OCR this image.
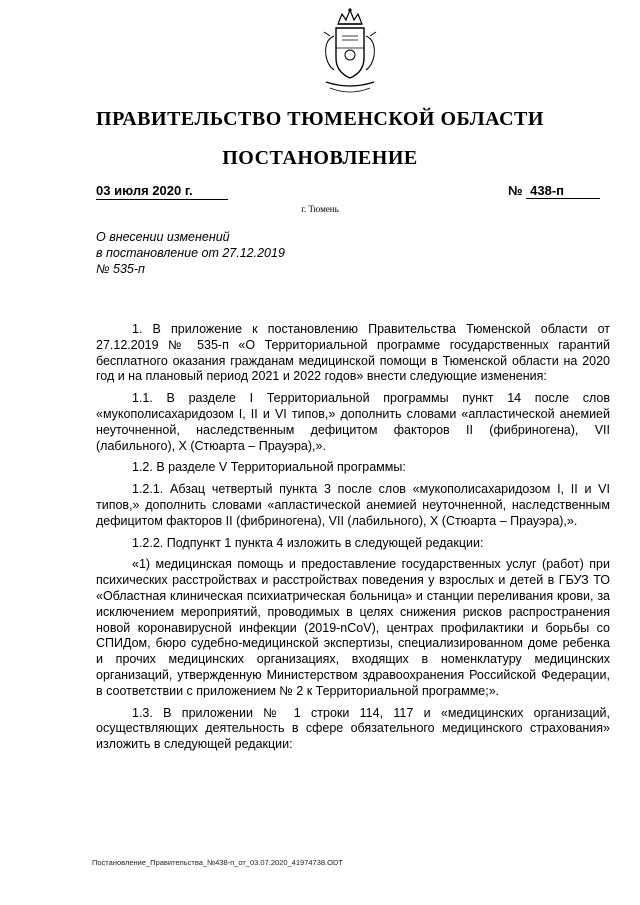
ПРАВИТЕЛЬСТВО ТЮМЕНСКОЙ ОБЛАСТИ
ПОСТАНОВЛЕНИЕ
03 июля 2020 г.	№ 438-п
г. Тюмень
О внесении изменений
в постановление от 27.12.2019
№ 535-п

1. В приложение к постановлению Правительства Тюменской области от 27.12.2019 № 535-п «О Территориальной программе государственных гарантий бесплатного оказания гражданам медицинской помощи в Тюменской области на 2020 год и на плановый период 2021 и 2022 годов» внести следующие изменения:

1.1. В разделе I Территориальной программы пункт 14 после слов «мукополисахаридозом I, II и VI типов,» дополнить словами «апластической анемией неуточненной, наследственным дефицитом факторов II (фибриногена), VII (лабильного), X (Стюарта – Прауэра),».

1.2. В разделе V Территориальной программы:

1.2.1. Абзац четвертый пункта 3 после слов «мукополисахаридозом I, II и VI типов,» дополнить словами «апластической анемией неуточненной, наследственным дефицитом факторов II (фибриногена), VII (лабильного), X (Стюарта – Прауэра),».

1.2.2. Подпункт 1 пункта 4 изложить в следующей редакции:

«1) медицинская помощь и предоставление государственных услуг (работ) при психических расстройствах и расстройствах поведения у взрослых и детей в ГБУЗ ТО «Областная клиническая психиатрическая больница» и станции переливания крови, за исключением мероприятий, проводимых в целях снижения рисков распространения новой коронавирусной инфекции (2019-nCoV), центрах профилактики и борьбы со СПИДом, бюро судебно-медицинской экспертизы, специализированном доме ребенка и прочих медицинских организациях, входящих в номенклатуру медицинских организаций, утвержденную Министерством здравоохранения Российской Федерации, в соответствии с приложением № 2 к Территориальной программе;».

1.3. В приложении № 1 строки 114, 117 и «медицинских организаций, осуществляющих деятельность в сфере обязательного медицинского страхования» изложить в следующей редакции:

Постановление_Правительства_№438-п_от_03.07.2020_41974738.ODT
